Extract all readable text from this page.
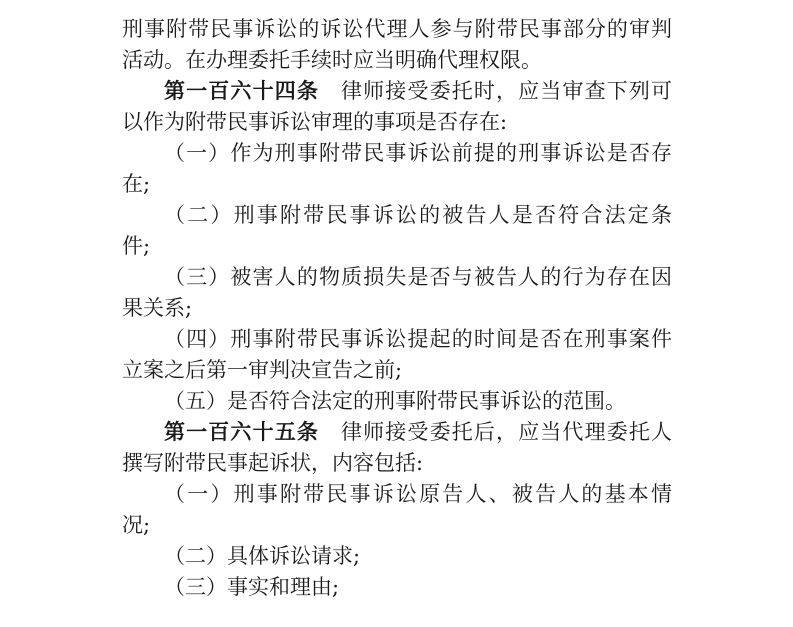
刑事附带民事诉讼的诉讼代理人参与附带民事部分的审判
活动。在办理委托手续时应当明确代理权限。
第一百六十四条 律师接受委托时，应当审查下列可
以作为附带民事诉讼审理的事项是否存在:
（一）作为刑事附带民事诉讼前提的刑事诉讼是否存
在;
（二）刑事附带民事诉讼的被告人是否符合法定条
件;
（三）被害人的物质损失是否与被告人的行为存在因
果关系;
（四）刑事附带民事诉讼提起的时间是否在刑事案件
立案之后第一审判决宣告之前;
（五）是否符合法定的刑事附带民事诉讼的范围。
第一百六十五条 律师接受委托后，应当代理委托人
撰写附带民事起诉状，内容包括:
（一）刑事附带民事诉讼原告人、被告人的基本情
况;
（二）具体诉讼请求;
（三）事实和理由;
